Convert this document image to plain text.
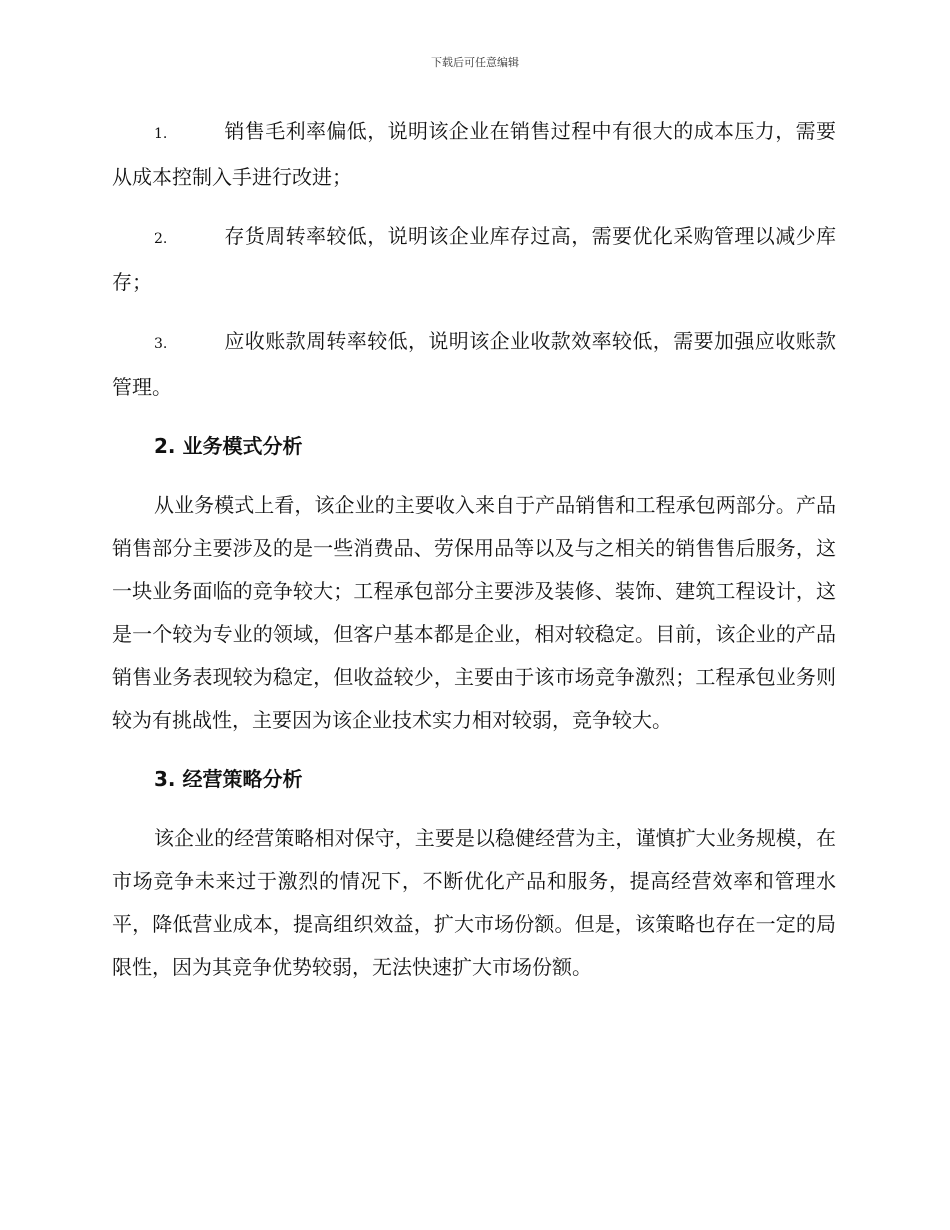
下载后可任意编辑

1.	销售毛利率偏低，说明该企业在销售过程中有很大的成本压力，需要从成本控制入手进行改进；

2.	存货周转率较低，说明该企业库存过高，需要优化采购管理以减少库存；

3.	应收账款周转率较低，说明该企业收款效率较低，需要加强应收账款管理。

2. 业务模式分析

从业务模式上看，该企业的主要收入来自于产品销售和工程承包两部分。产品销售部分主要涉及的是一些消费品、劳保用品等以及与之相关的销售售后服务，这一块业务面临的竞争较大；工程承包部分主要涉及装修、装饰、建筑工程设计，这是一个较为专业的领域，但客户基本都是企业，相对较稳定。目前，该企业的产品销售业务表现较为稳定，但收益较少，主要由于该市场竞争激烈；工程承包业务则较为有挑战性，主要因为该企业技术实力相对较弱，竞争较大。

3. 经营策略分析

该企业的经营策略相对保守，主要是以稳健经营为主，谨慎扩大业务规模，在市场竞争未来过于激烈的情况下，不断优化产品和服务，提高经营效率和管理水平，降低营业成本，提高组织效益，扩大市场份额。但是，该策略也存在一定的局限性，因为其竞争优势较弱，无法快速扩大市场份额。
